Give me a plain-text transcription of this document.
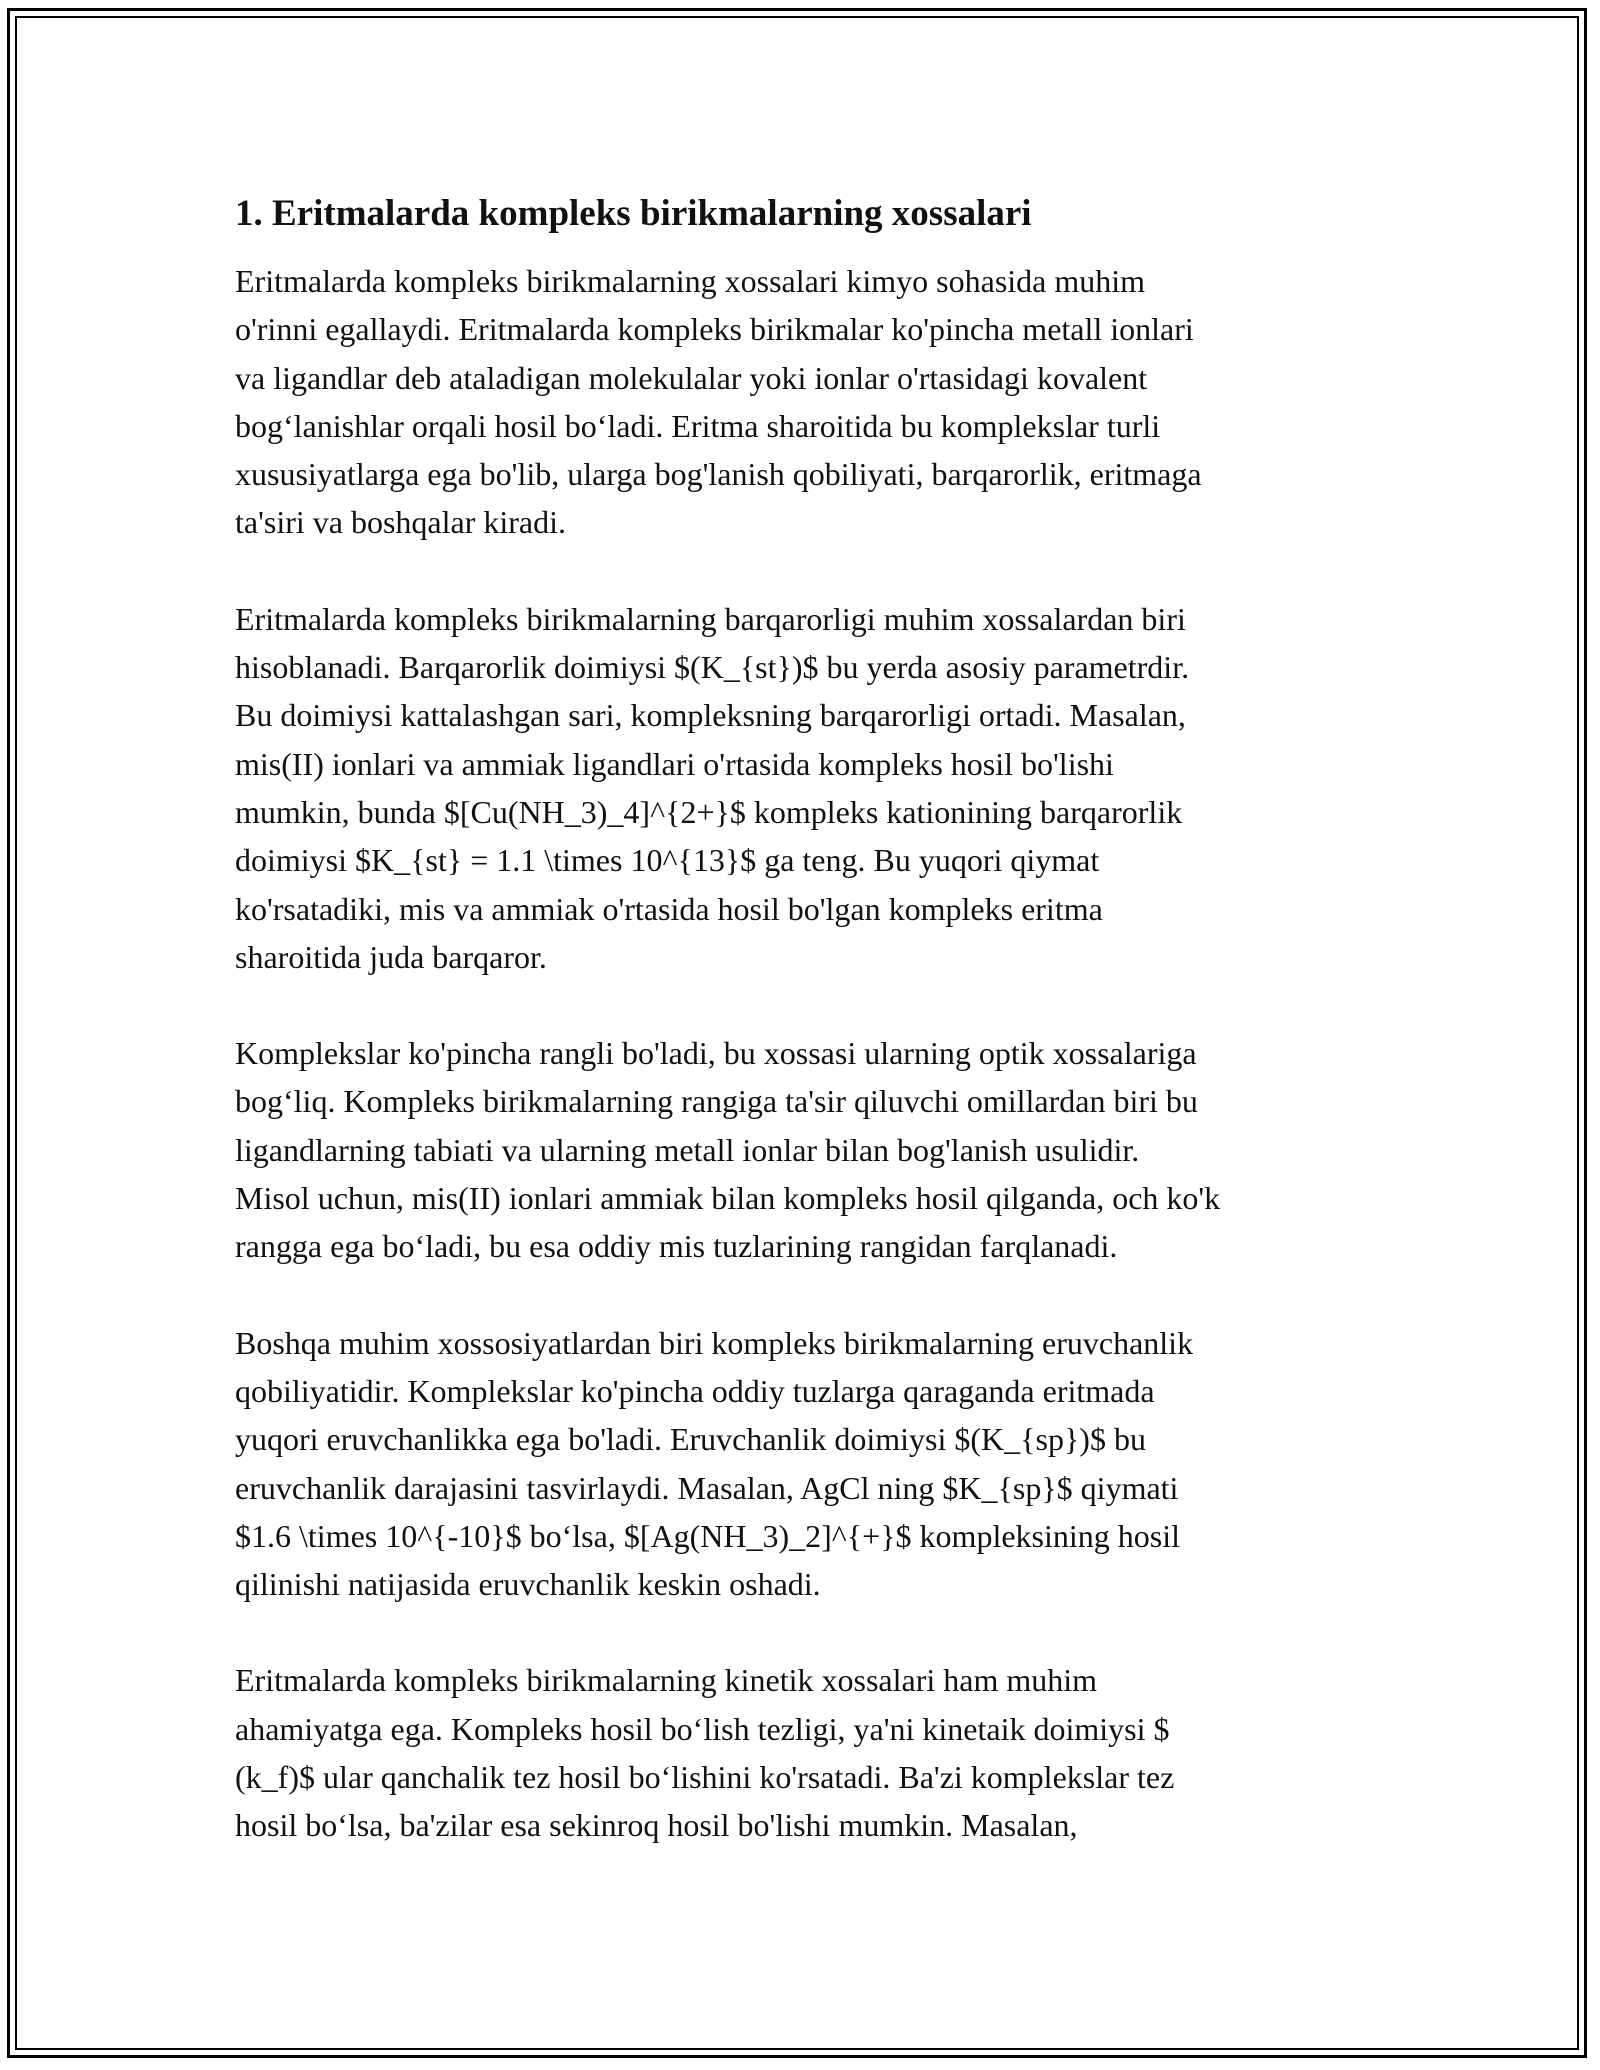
1. Eritmalarda kompleks birikmalarning xossalari
Eritmalarda kompleks birikmalarning xossalari kimyo sohasida muhim
o'rinni egallaydi. Eritmalarda kompleks birikmalar ko'pincha metall ionlari
va ligandlar deb ataladigan molekulalar yoki ionlar o'rtasidagi kovalent
bog‘lanishlar orqali hosil bo‘ladi. Eritma sharoitida bu komplekslar turli
xususiyatlarga ega bo'lib, ularga bog'lanish qobiliyati, barqarorlik, eritmaga
ta'siri va boshqalar kiradi.
Eritmalarda kompleks birikmalarning barqarorligi muhim xossalardan biri
hisoblanadi. Barqarorlik doimiysi $(K_{st})$ bu yerda asosiy parametrdir.
Bu doimiysi kattalashgan sari, kompleksning barqarorligi ortadi. Masalan,
mis(II) ionlari va ammiak ligandlari o'rtasida kompleks hosil bo'lishi
mumkin, bunda $[Cu(NH_3)_4]^{2+}$ kompleks kationining barqarorlik
doimiysi $K_{st} = 1.1 \times 10^{13}$ ga teng. Bu yuqori qiymat
ko'rsatadiki, mis va ammiak o'rtasida hosil bo'lgan kompleks eritma
sharoitida juda barqaror.
Komplekslar ko'pincha rangli bo'ladi, bu xossasi ularning optik xossalariga
bog‘liq. Kompleks birikmalarning rangiga ta'sir qiluvchi omillardan biri bu
ligandlarning tabiati va ularning metall ionlar bilan bog'lanish usulidir.
Misol uchun, mis(II) ionlari ammiak bilan kompleks hosil qilganda, och ko'k
rangga ega bo‘ladi, bu esa oddiy mis tuzlarining rangidan farqlanadi.
Boshqa muhim xossosiyatlardan biri kompleks birikmalarning eruvchanlik
qobiliyatidir. Komplekslar ko'pincha oddiy tuzlarga qaraganda eritmada
yuqori eruvchanlikka ega bo'ladi. Eruvchanlik doimiysi $(K_{sp})$ bu
eruvchanlik darajasini tasvirlaydi. Masalan, AgCl ning $K_{sp}$ qiymati
$1.6 \times 10^{-10}$ bo‘lsa, $[Ag(NH_3)_2]^{+}$ kompleksining hosil
qilinishi natijasida eruvchanlik keskin oshadi.
Eritmalarda kompleks birikmalarning kinetik xossalari ham muhim
ahamiyatga ega. Kompleks hosil bo‘lish tezligi, ya'ni kinetaik doimiysi $
(k_f)$ ular qanchalik tez hosil bo‘lishini ko'rsatadi. Ba'zi komplekslar tez
hosil bo‘lsa, ba'zilar esa sekinroq hosil bo'lishi mumkin. Masalan,
